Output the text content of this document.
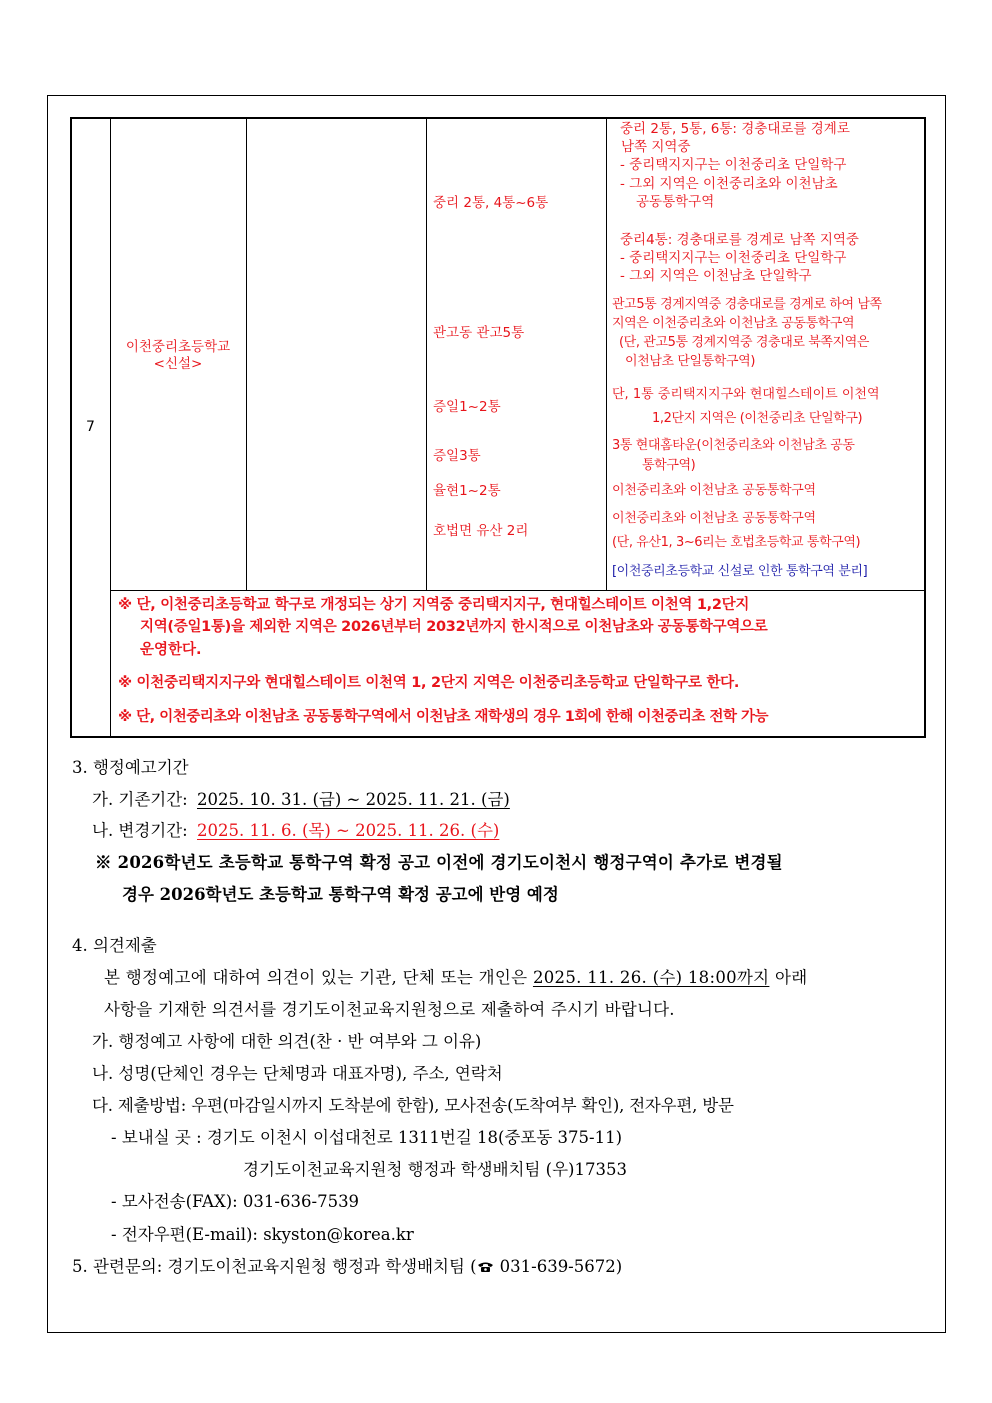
7
이천중리초등학교
<신설>
중리 2통, 4통~6통
관고동 관고5통
증일1~2통
증일3통
율현1~2통
호법면 유산 2리
중리 2통, 5통, 6통: 경충대로를 경계로
남쪽 지역중
- 중리택지지구는 이천중리초 단일학구
- 그외 지역은 이천중리초와 이천남초
공동통학구역
중리4통: 경충대로를 경계로 남쪽 지역중
- 중리택지지구는 이천중리초 단일학구
- 그외 지역은 이천남초 단일학구
관고5통 경계지역중 경충대로를 경계로 하여 남쪽
지역은 이천중리초와 이천남초 공동통학구역
(단, 관고5통 경계지역중 경충대로 북쪽지역은
이천남초 단일통학구역)
단, 1통 중리택지지구와 현대힐스테이트 이천역
1,2단지 지역은 (이천중리초 단일학구)
3통 현대홈타운(이천중리초와 이천남초 공동
통학구역)
이천중리초와 이천남초 공동통학구역
이천중리초와 이천남초 공동통학구역
(단, 유산1, 3~6리는 호법초등학교 통학구역)
[이천중리초등학교 신설로 인한 통학구역 분리]
※ 단, 이천중리초등학교 학구로 개정되는 상기 지역중 중리택지지구, 현대힐스테이트 이천역 1,2단지
지역(증일1통)을 제외한 지역은 2026년부터 2032년까지 한시적으로 이천남초와 공동통학구역으로
운영한다.
※ 이천중리택지지구와 현대힐스테이트 이천역 1, 2단지 지역은 이천중리초등학교 단일학구로 한다.
※ 단, 이천중리초와 이천남초 공동통학구역에서 이천남초 재학생의 경우 1회에 한해 이천중리초 전학 가능
3. 행정예고기간
가. 기존기간: 2025. 10. 31. (금) ~ 2025. 11. 21. (금)
나. 변경기간: 2025. 11. 6. (목) ~ 2025. 11. 26. (수)
※ 2026학년도 초등학교 통학구역 확정 공고 이전에 경기도이천시 행정구역이 추가로 변경될
경우 2026학년도 초등학교 통학구역 확정 공고에 반영 예정
4. 의견제출
본 행정예고에 대하여 의견이 있는 기관, 단체 또는 개인은 2025. 11. 26. (수) 18:00까지 아래
사항을 기재한 의견서를 경기도이천교육지원청으로 제출하여 주시기 바랍니다.
가. 행정예고 사항에 대한 의견(찬 · 반 여부와 그 이유)
나. 성명(단체인 경우는 단체명과 대표자명), 주소, 연락처
다. 제출방법: 우편(마감일시까지 도착분에 한함), 모사전송(도착여부 확인), 전자우편, 방문
- 보내실 곳 : 경기도 이천시 이섭대천로 1311번길 18(중포동 375-11)
경기도이천교육지원청 행정과 학생배치팀 (우)17353
- 모사전송(FAX): 031-636-7539
- 전자우편(E-mail): skyston@korea.kr
5. 관련문의: 경기도이천교육지원청 행정과 학생배치팀 ( 031-639-5672)
